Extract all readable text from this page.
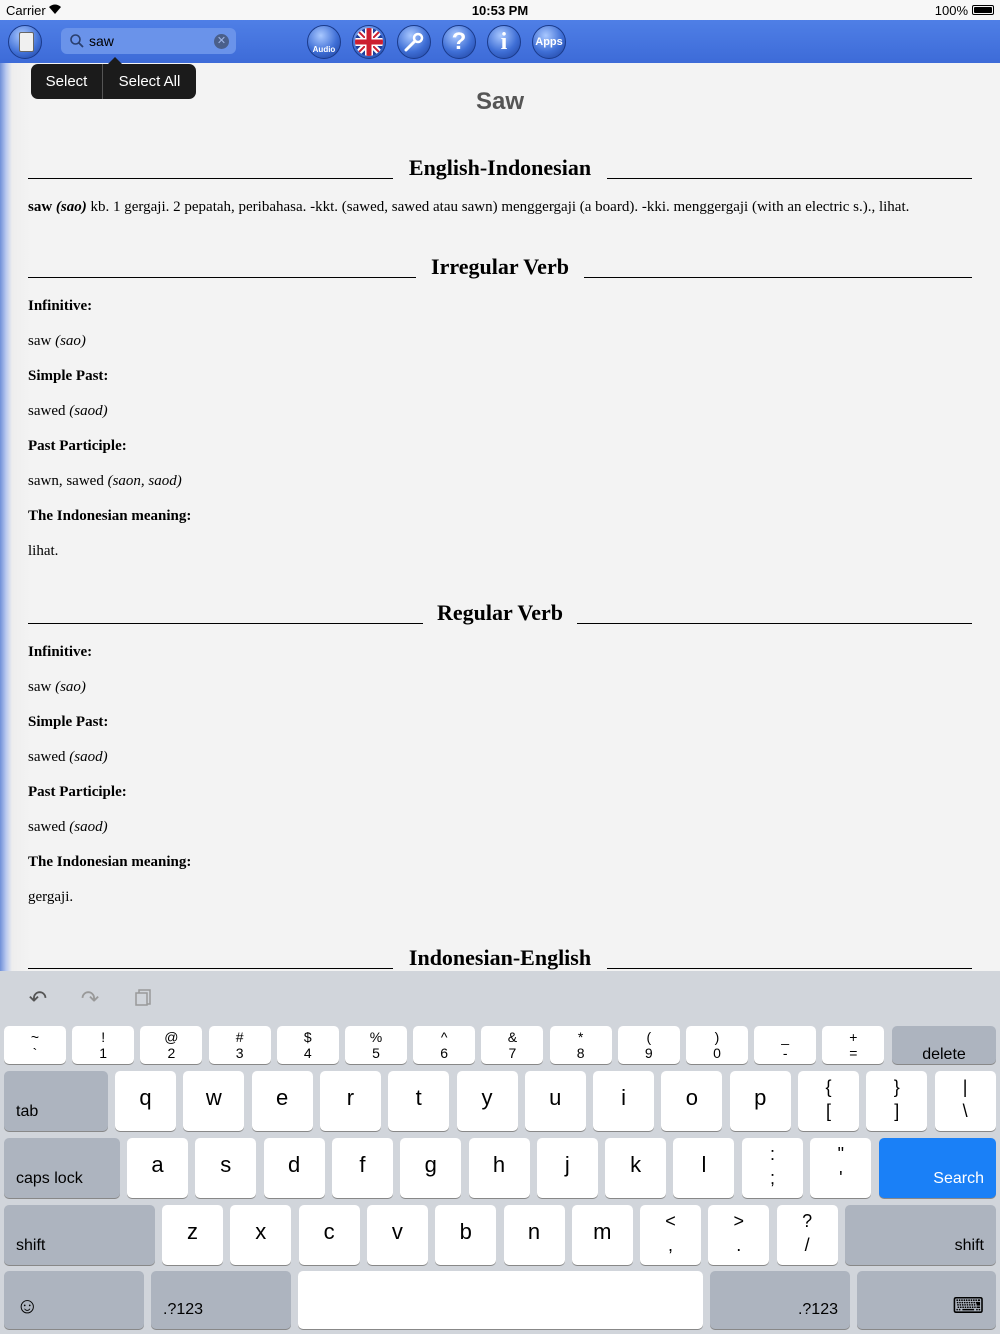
Carrier	10:53 PM	100%
saw
✕
Audio	? i	Apps
Saw
English-Indonesian
saw (sao) kb. 1 gergaji. 2 pepatah, peribahasa. -kkt. (sawed, sawed atau sawn) menggergaji (a board). -kki. menggergaji (with an electric s.)., lihat.
Irregular Verb
Infinitive:
saw (sao)
Simple Past:
sawed (saod)
Past Participle:
sawn, sawed (saon, saod)
The Indonesian meaning:
lihat.
Regular Verb
Infinitive:
saw (sao)
Simple Past:
sawed (saod)
Past Participle:
sawed (saod)
The Indonesian meaning:
gergaji.
Indonesian-English
Select	Select All
↶ ↷
~
`
!
1
@
2
#
3
$
4
%
5
^
6
&
7
*
8
(
9
)
0
_
-
+
=	delete
tab
q	w	e	r	t	y	u	i	o	p	{
[
}
]
|
\
caps lock
a	s	d	f	g	h	j	k	l	:
;
"
'	Search
shift
z	x	c	v	b	n	m	<
,
>
.
?
/	shift
☺	.?123	.?123	⌨
